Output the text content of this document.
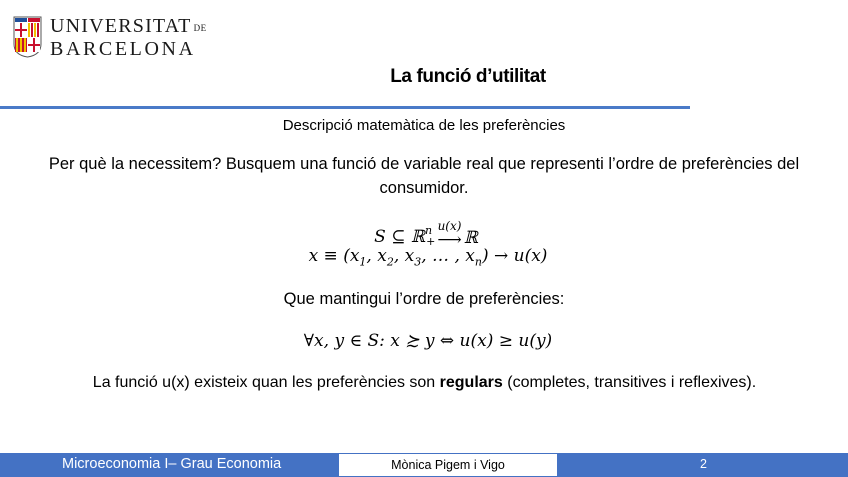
UNIVERSITAT DE
BARCELONA
La funció d’utilitat
Descripció matemàtica de les preferències
Per què la necessitem? Busquem una funció de variable real que representi l’ordre de preferències del consumidor.
S ⊆ ℝ$^n_+$
u(x)
⟶ ℝ
$x \equiv (x_1$, $x_2$, $x_3$, … , $x_n) \to u(x)$
Que mantingui l’ordre de preferències:
∀x, y ∈ S: x ≿ y ⇔ u(x) ≥ u(y)
La funció u(x) existeix quan les preferències son regulars (completes, transitives i reflexives).
Microeconomia I– Grau Economia	Mònica Pigem i Vigo	2
